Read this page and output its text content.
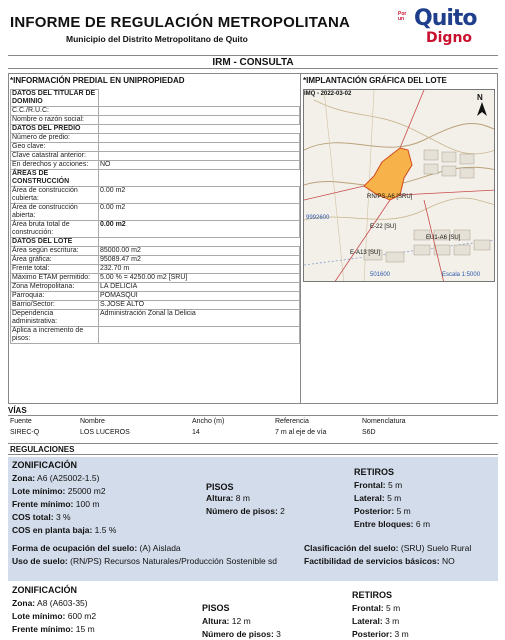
INFORME DE REGULACIÓN METROPOLITANA
Municipio del Distrito Metropolitano de Quito
Por un Quito
Digno
IRM - CONSULTA
*INFORMACIÓN PREDIAL EN UNIPROPIEDAD	*IMPLANTACIÓN GRÁFICA DEL LOTE
DATOS DEL TITULAR DE DOMINIO	
C.C./R.U.C:	
Nombre o razón social:	
DATOS DEL PREDIO	
Número de predio:	
Geo clave:	
Clave catastral anterior:	
En derechos y acciones:	NO
ÁREAS DE CONSTRUCCIÓN	
Área de construcción cubierta:	0.00 m2
Área de construcción abierta:	0.00 m2
Área bruta total de construcción:	0.00 m2
DATOS DEL LOTE	
Área según escritura:	85000.00 m2
Área gráfica:	95089.47 m2
Frente total:	232.70 m
Máximo ETAM permitido:	5.00 % = 4250.00 m2 [SRU]
Zona Metropolitana:	LA DELICIA
Parroquia:	POMASQUI
Barrio/Sector:	S.JOSE ALTO
Dependencia administrativa:	Administración Zonal la Delicia
Aplica a incremento de pisos:	
RN/PS-A6 [SRU]
E-22 [SU]
EU1-A6 [SU]
E-A13 [SU]
9992600
501600	Escala 1:5000
IMQ - 2022-03-02	N
VÍAS
Fuente	Nombre	Ancho (m)	Referencia	Nomenclatura
SIREC-Q	LOS LUCEROS	14	7 m al eje de vía	S6D
REGULACIONES
ZONIFICACIÓN
Zona: A6 (A25002-1.5)
Lote mínimo: 25000 m2
Frente mínimo: 100 m
COS total: 3 %
COS en planta baja: 1.5 %
PISOS
Altura: 8 m
Número de pisos: 2
RETIROS
Frontal: 5 m
Lateral: 5 m
Posterior: 5 m
Entre bloques: 6 m
Forma de ocupación del suelo: (A) Aislada
Uso de suelo: (RN/PS) Recursos Naturales/Producción Sostenible sd
Clasificación del suelo: (SRU) Suelo Rural
Factibilidad de servicios básicos: NO
ZONIFICACIÓN
Zona: A8 (A603-35)
Lote mínimo: 600 m2
Frente mínimo: 15 m
PISOS
Altura: 12 m
Número de pisos: 3
RETIROS
Frontal: 5 m
Lateral: 3 m
Posterior: 3 m
